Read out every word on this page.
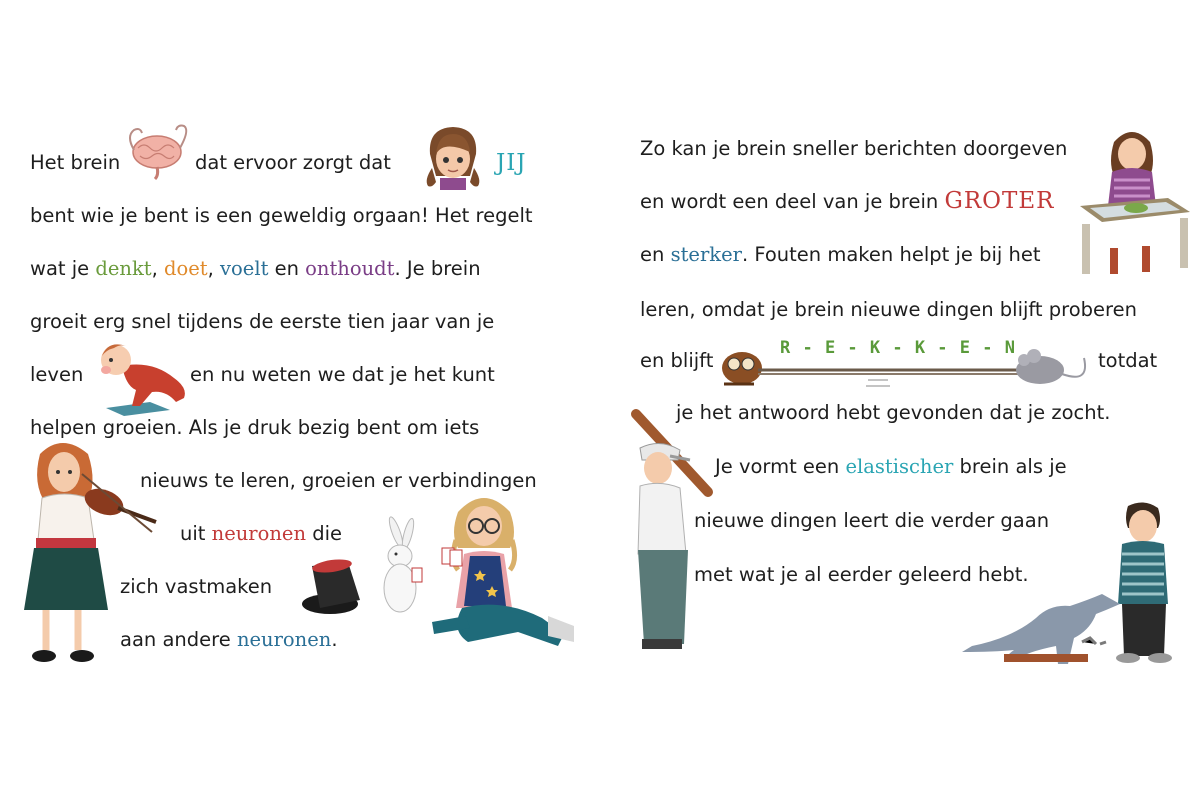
Het brein	dat ervoor zorgt dat	JIJ
bent wie je bent is een geweldig orgaan! Het regelt
wat je denkt, doet, voelt en onthoudt. Je brein
groeit erg snel tijdens de eerste tien jaar van je
leven	en nu weten we dat je het kunt
helpen groeien. Als je druk bezig bent om iets
nieuws te leren, groeien er verbindingen
uit neuronen die
zich vastmaken
aan andere neuronen.
Zo kan je brein sneller berichten doorgeven
en wordt een deel van je brein GROTER
en sterker. Fouten maken helpt je bij het
leren, omdat je brein nieuwe dingen blijft proberen
en blijft
R - E - K - K - E - N
totdat
je het antwoord hebt gevonden dat je zocht.
Je vormt een elastischer brein als je
nieuwe dingen leert die verder gaan
met wat je al eerder geleerd hebt.
